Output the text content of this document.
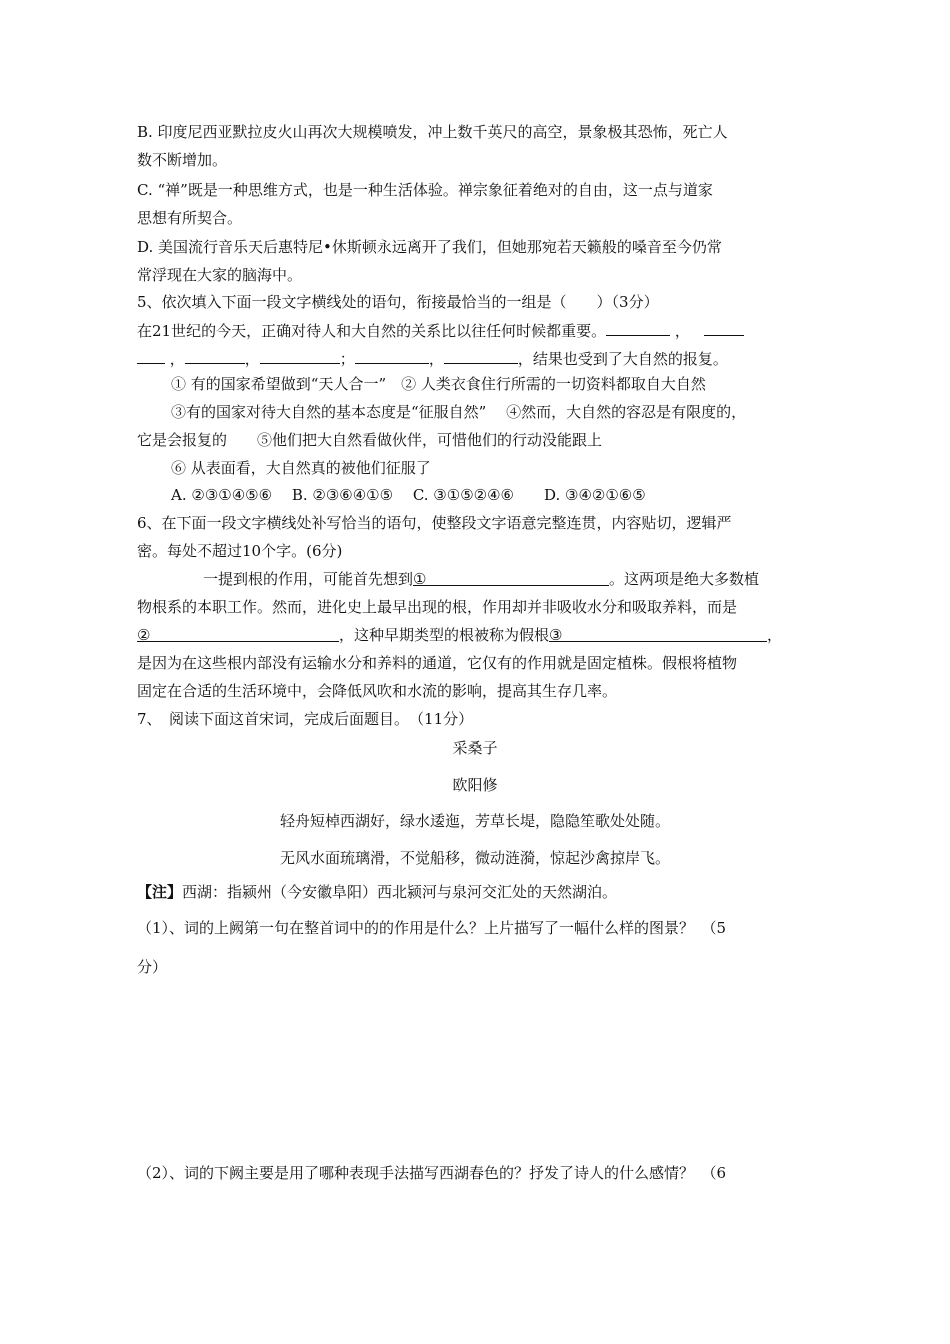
B. 印度尼西亚默拉皮火山再次大规模喷发，冲上数千英尺的高空，景象极其恐怖，死亡人
数不断增加。
C. “禅”既是一种思维方式，也是一种生活体验。禅宗象征着绝对的自由，这一点与道家
思想有所契合。
D. 美国流行音乐天后惠特尼•休斯顿永远离开了我们，但她那宛若天籁般的嗓音至今仍常
常浮现在大家的脑海中。
5、依次填入下面一段文字横线处的语句，衔接最恰当的一组是（　　）（3分）
在21世纪的今天，正确对待人和大自然的关系比以往任何时候都重要。	，
，	，	；	，	，结果也受到了大自然的报复。
① 有的国家希望做到“天人合一”　② 人类衣食住行所需的一切资料都取自大自然
③有的国家对待大自然的基本态度是“征服自然”　 ④然而，大自然的容忍是有限度的，
它是会报复的　　⑤他们把大自然看做伙伴，可惜他们的行动没能跟上
⑥ 从表面看，大自然真的被他们征服了
A. ②③①④⑤⑥　 B. ②③⑥④①⑤　 C. ③①⑤②④⑥　　D. ③④②①⑥⑤
6、在下面一段文字横线处补写恰当的语句，使整段文字语意完整连贯，内容贴切，逻辑严
密。每处不超过10个字。(6分)
一提到根的作用，可能首先想到①	。这两项是绝大多数植
物根系的本职工作。然而，进化史上最早出现的根，作用却并非吸收水分和吸取养料，而是
②	，这种早期类型的根被称为假根③	，
是因为在这些根内部没有运输水分和养料的通道，它仅有的作用就是固定植株。假根将植物
固定在合适的生活环境中，会降低风吹和水流的影响，提高其生存几率。
7、　阅读下面这首宋词，完成后面题目。　（11分）
采桑子
欧阳修
轻舟短棹西湖好，绿水逶迤，芳草长堤，隐隐笙歌处处随。
无风水面琉璃滑，不觉船移，微动涟漪，惊起沙禽掠岸飞。
【注】西湖：指颍州（今安徽阜阳）西北颍河与泉河交汇处的天然湖泊。
（1）、词的上阙第一句在整首词中的的作用是什么？上片描写了一幅什么样的图景？　（5
分）
（2）、词的下阙主要是用了哪种表现手法描写西湖春色的？抒发了诗人的什么感情？　（6
